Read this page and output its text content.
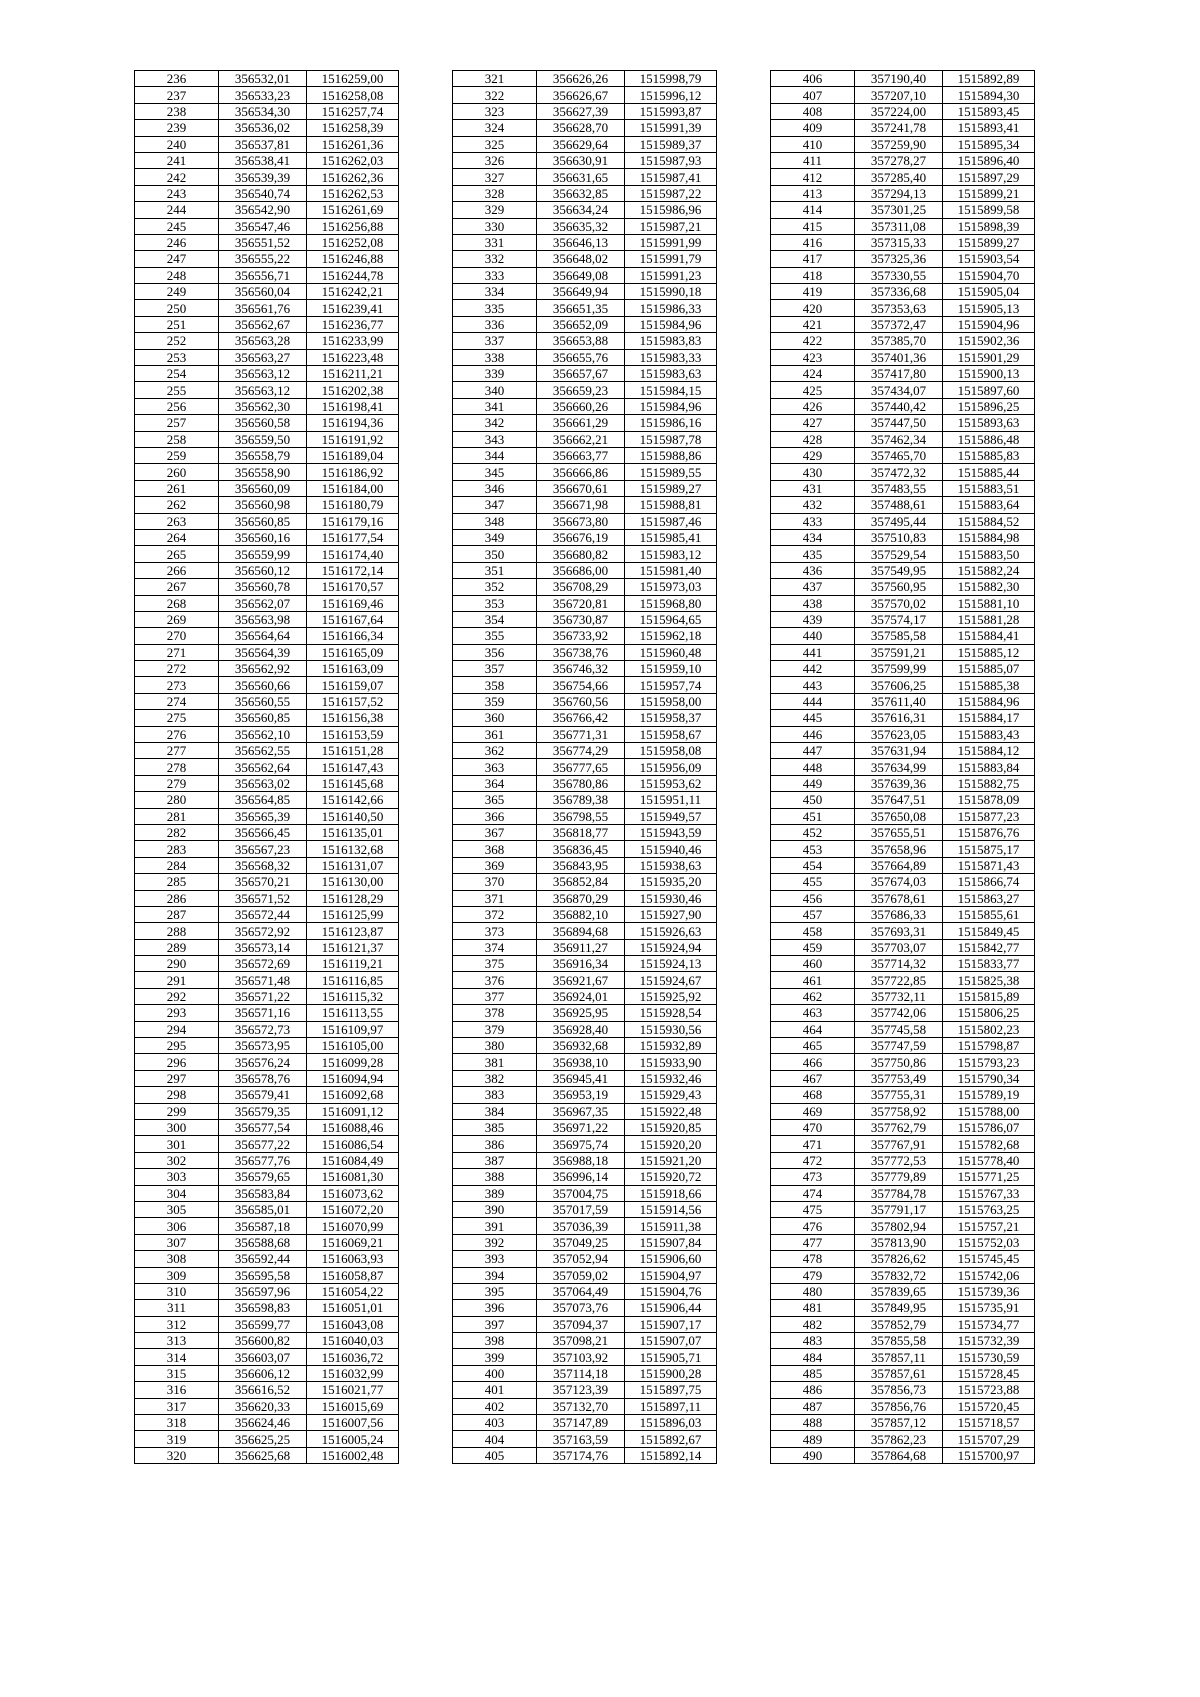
236	356532,01	1516259,00
237	356533,23	1516258,08
238	356534,30	1516257,74
239	356536,02	1516258,39
240	356537,81	1516261,36
241	356538,41	1516262,03
242	356539,39	1516262,36
243	356540,74	1516262,53
244	356542,90	1516261,69
245	356547,46	1516256,88
246	356551,52	1516252,08
247	356555,22	1516246,88
248	356556,71	1516244,78
249	356560,04	1516242,21
250	356561,76	1516239,41
251	356562,67	1516236,77
252	356563,28	1516233,99
253	356563,27	1516223,48
254	356563,12	1516211,21
255	356563,12	1516202,38
256	356562,30	1516198,41
257	356560,58	1516194,36
258	356559,50	1516191,92
259	356558,79	1516189,04
260	356558,90	1516186,92
261	356560,09	1516184,00
262	356560,98	1516180,79
263	356560,85	1516179,16
264	356560,16	1516177,54
265	356559,99	1516174,40
266	356560,12	1516172,14
267	356560,78	1516170,57
268	356562,07	1516169,46
269	356563,98	1516167,64
270	356564,64	1516166,34
271	356564,39	1516165,09
272	356562,92	1516163,09
273	356560,66	1516159,07
274	356560,55	1516157,52
275	356560,85	1516156,38
276	356562,10	1516153,59
277	356562,55	1516151,28
278	356562,64	1516147,43
279	356563,02	1516145,68
280	356564,85	1516142,66
281	356565,39	1516140,50
282	356566,45	1516135,01
283	356567,23	1516132,68
284	356568,32	1516131,07
285	356570,21	1516130,00
286	356571,52	1516128,29
287	356572,44	1516125,99
288	356572,92	1516123,87
289	356573,14	1516121,37
290	356572,69	1516119,21
291	356571,48	1516116,85
292	356571,22	1516115,32
293	356571,16	1516113,55
294	356572,73	1516109,97
295	356573,95	1516105,00
296	356576,24	1516099,28
297	356578,76	1516094,94
298	356579,41	1516092,68
299	356579,35	1516091,12
300	356577,54	1516088,46
301	356577,22	1516086,54
302	356577,76	1516084,49
303	356579,65	1516081,30
304	356583,84	1516073,62
305	356585,01	1516072,20
306	356587,18	1516070,99
307	356588,68	1516069,21
308	356592,44	1516063,93
309	356595,58	1516058,87
310	356597,96	1516054,22
311	356598,83	1516051,01
312	356599,77	1516043,08
313	356600,82	1516040,03
314	356603,07	1516036,72
315	356606,12	1516032,99
316	356616,52	1516021,77
317	356620,33	1516015,69
318	356624,46	1516007,56
319	356625,25	1516005,24
320	356625,68	1516002,48
321	356626,26	1515998,79
322	356626,67	1515996,12
323	356627,39	1515993,87
324	356628,70	1515991,39
325	356629,64	1515989,37
326	356630,91	1515987,93
327	356631,65	1515987,41
328	356632,85	1515987,22
329	356634,24	1515986,96
330	356635,32	1515987,21
331	356646,13	1515991,99
332	356648,02	1515991,79
333	356649,08	1515991,23
334	356649,94	1515990,18
335	356651,35	1515986,33
336	356652,09	1515984,96
337	356653,88	1515983,83
338	356655,76	1515983,33
339	356657,67	1515983,63
340	356659,23	1515984,15
341	356660,26	1515984,96
342	356661,29	1515986,16
343	356662,21	1515987,78
344	356663,77	1515988,86
345	356666,86	1515989,55
346	356670,61	1515989,27
347	356671,98	1515988,81
348	356673,80	1515987,46
349	356676,19	1515985,41
350	356680,82	1515983,12
351	356686,00	1515981,40
352	356708,29	1515973,03
353	356720,81	1515968,80
354	356730,87	1515964,65
355	356733,92	1515962,18
356	356738,76	1515960,48
357	356746,32	1515959,10
358	356754,66	1515957,74
359	356760,56	1515958,00
360	356766,42	1515958,37
361	356771,31	1515958,67
362	356774,29	1515958,08
363	356777,65	1515956,09
364	356780,86	1515953,62
365	356789,38	1515951,11
366	356798,55	1515949,57
367	356818,77	1515943,59
368	356836,45	1515940,46
369	356843,95	1515938,63
370	356852,84	1515935,20
371	356870,29	1515930,46
372	356882,10	1515927,90
373	356894,68	1515926,63
374	356911,27	1515924,94
375	356916,34	1515924,13
376	356921,67	1515924,67
377	356924,01	1515925,92
378	356925,95	1515928,54
379	356928,40	1515930,56
380	356932,68	1515932,89
381	356938,10	1515933,90
382	356945,41	1515932,46
383	356953,19	1515929,43
384	356967,35	1515922,48
385	356971,22	1515920,85
386	356975,74	1515920,20
387	356988,18	1515921,20
388	356996,14	1515920,72
389	357004,75	1515918,66
390	357017,59	1515914,56
391	357036,39	1515911,38
392	357049,25	1515907,84
393	357052,94	1515906,60
394	357059,02	1515904,97
395	357064,49	1515904,76
396	357073,76	1515906,44
397	357094,37	1515907,17
398	357098,21	1515907,07
399	357103,92	1515905,71
400	357114,18	1515900,28
401	357123,39	1515897,75
402	357132,70	1515897,11
403	357147,89	1515896,03
404	357163,59	1515892,67
405	357174,76	1515892,14
406	357190,40	1515892,89
407	357207,10	1515894,30
408	357224,00	1515893,45
409	357241,78	1515893,41
410	357259,90	1515895,34
411	357278,27	1515896,40
412	357285,40	1515897,29
413	357294,13	1515899,21
414	357301,25	1515899,58
415	357311,08	1515898,39
416	357315,33	1515899,27
417	357325,36	1515903,54
418	357330,55	1515904,70
419	357336,68	1515905,04
420	357353,63	1515905,13
421	357372,47	1515904,96
422	357385,70	1515902,36
423	357401,36	1515901,29
424	357417,80	1515900,13
425	357434,07	1515897,60
426	357440,42	1515896,25
427	357447,50	1515893,63
428	357462,34	1515886,48
429	357465,70	1515885,83
430	357472,32	1515885,44
431	357483,55	1515883,51
432	357488,61	1515883,64
433	357495,44	1515884,52
434	357510,83	1515884,98
435	357529,54	1515883,50
436	357549,95	1515882,24
437	357560,95	1515882,30
438	357570,02	1515881,10
439	357574,17	1515881,28
440	357585,58	1515884,41
441	357591,21	1515885,12
442	357599,99	1515885,07
443	357606,25	1515885,38
444	357611,40	1515884,96
445	357616,31	1515884,17
446	357623,05	1515883,43
447	357631,94	1515884,12
448	357634,99	1515883,84
449	357639,36	1515882,75
450	357647,51	1515878,09
451	357650,08	1515877,23
452	357655,51	1515876,76
453	357658,96	1515875,17
454	357664,89	1515871,43
455	357674,03	1515866,74
456	357678,61	1515863,27
457	357686,33	1515855,61
458	357693,31	1515849,45
459	357703,07	1515842,77
460	357714,32	1515833,77
461	357722,85	1515825,38
462	357732,11	1515815,89
463	357742,06	1515806,25
464	357745,58	1515802,23
465	357747,59	1515798,87
466	357750,86	1515793,23
467	357753,49	1515790,34
468	357755,31	1515789,19
469	357758,92	1515788,00
470	357762,79	1515786,07
471	357767,91	1515782,68
472	357772,53	1515778,40
473	357779,89	1515771,25
474	357784,78	1515767,33
475	357791,17	1515763,25
476	357802,94	1515757,21
477	357813,90	1515752,03
478	357826,62	1515745,45
479	357832,72	1515742,06
480	357839,65	1515739,36
481	357849,95	1515735,91
482	357852,79	1515734,77
483	357855,58	1515732,39
484	357857,11	1515730,59
485	357857,61	1515728,45
486	357856,73	1515723,88
487	357856,76	1515720,45
488	357857,12	1515718,57
489	357862,23	1515707,29
490	357864,68	1515700,97
